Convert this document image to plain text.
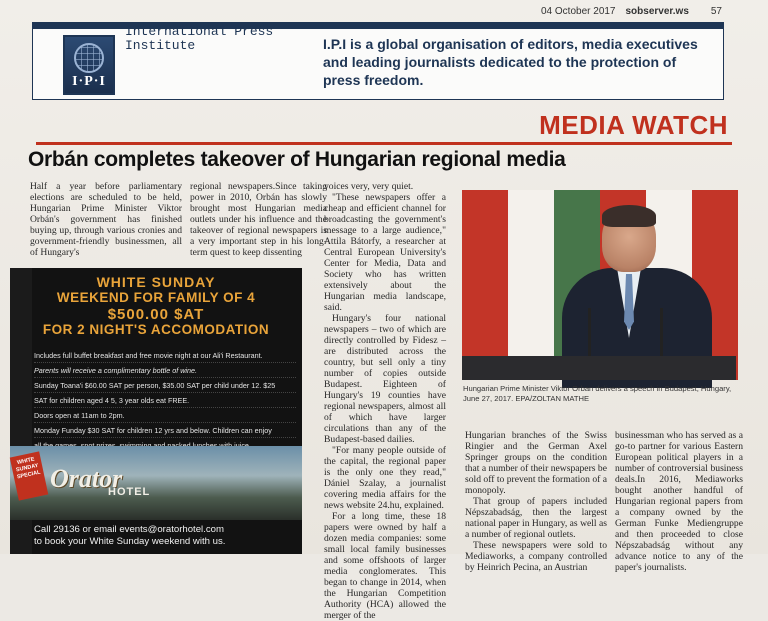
04 October 2017 sobserver.ws 57
I·P·I
International Press Institute	I.P.I is a global organisation of editors, media executives and leading journalists dedicated to the protection of press freedom.
MEDIA WATCH
Orbán completes takeover of Hungarian regional media

Half a year before parliamentary elections are scheduled to be held, Hungarian Prime Minister Viktor Orbán's government has finished buying up, through various cronies and government-friendly businessmen, all of Hungary's

regional newspapers.Since taking power in 2010, Orbán has slowly brought most Hungarian media outlets under his influence and the takeover of regional newspapers is a very important step in his long-term quest to keep dissenting

voices very, very quiet.

"These newspapers offer a cheap and efficient channel for broadcasting the government's message to a large audience," Attila Bátorfy, a researcher at Central European University's Center for Media, Data and Society who has written extensively about the Hungarian media landscape, said.

Hungary's four national newspapers – two of which are directly controlled by Fidesz – are distributed across the country, but sell only a tiny number of copies outside Budapest. Eighteen of Hungary's 19 counties have regional newspapers, almost all of which have larger circulations than any of the Budapest-based dailies.

"For many people outside of the capital, the regional paper is the only one they read," Dániel Szalay, a journalist covering media affairs for the news website 24.hu, explained.

For a long time, these 18 papers were owned by half a dozen media companies: some small local family businesses and some offshoots of larger media conglomerates. This began to change in 2014, when the Hungarian Competition Authority (HCA) allowed the merger of the

Hungarian Prime Minister Viktor Orban delivers a speech in Budapest, Hungary, June 27, 2017. EPA/ZOLTAN MATHE

Hungarian branches of the Swiss Ringier and the German Axel Springer groups on the condition that a number of their newspapers be sold off to prevent the formation of a monopoly.

That group of papers included Népszabadság, then the largest national paper in Hungary, as well as a number of regional outlets.

These newspapers were sold to Mediaworks, a company controlled by Heinrich Pecina, an Austrian

businessman who has served as a go-to partner for various Eastern European political players in a number of controversial business deals.In 2016, Mediaworks bought another handful of Hungarian regional papers from a company owned by the German Funke Mediengruppe and then proceeded to close Népszabadság without any advance notice to any of the paper's journalists.

WHITE SUNDAY
WEEKEND FOR FAMILY OF 4
$500.00 $AT
FOR 2 NIGHT'S ACCOMODATION
Includes full buffet breakfast and free movie night at our Ali'i Restaurant.
Parents will receive a complimentary bottle of wine.
Sunday Toana'i $60.00 SAT per person, $35.00 SAT per child under 12. $25
SAT for children aged 4 5, 3 year olds eat FREE.
Doors open at 11am to 2pm.
Monday Funday $30 SAT for children 12 yrs and below. Children can enjoy
WHITE SUNDAY SPECIAL Orator
HOTEL
Call 29136 or email events@oratorhotel.com
to book your White Sunday weekend with us.
